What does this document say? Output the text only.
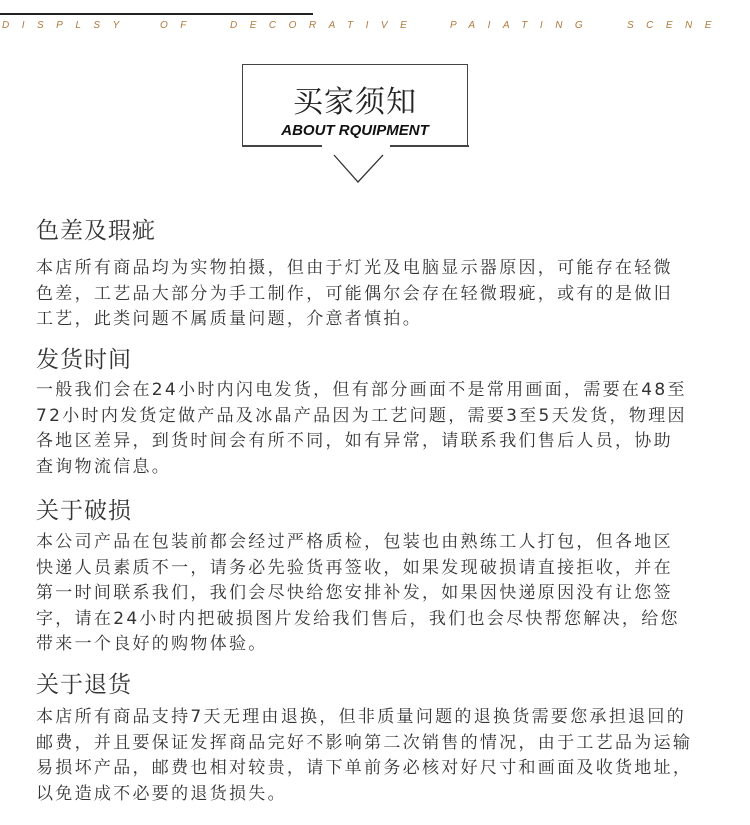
DISPLSY

	OF

	DECORATIVE

	PAIATING

	SCENE

买家须知
ABOUT RQUIPMENT
色差及瑕疵
本店所有商品均为实物拍摄，但由于灯光及电脑显示器原因，可能存在轻微
色差，工艺品大部分为手工制作，可能偶尔会存在轻微瑕疵，或有的是做旧
工艺，此类问题不属质量问题，介意者慎拍。
发货时间
一般我们会在24小时内闪电发货，但有部分画面不是常用画面，需要在48至
72小时内发货定做产品及冰晶产品因为工艺问题，需要3至5天发货，物理因
各地区差异，到货时间会有所不同，如有异常，请联系我们售后人员，协助
查询物流信息。
关于破损
本公司产品在包装前都会经过严格质检，包装也由熟练工人打包，但各地区
快递人员素质不一，请务必先验货再签收，如果发现破损请直接拒收，并在
第一时间联系我们，我们会尽快给您安排补发，如果因快递原因没有让您签
字，请在24小时内把破损图片发给我们售后，我们也会尽快帮您解决，给您
带来一个良好的购物体验。
关于退货
本店所有商品支持7天无理由退换，但非质量问题的退换货需要您承担退回的
邮费，并且要保证发挥商品完好不影响第二次销售的情况，由于工艺品为运输
易损坏产品，邮费也相对较贵，请下单前务必核对好尺寸和画面及收货地址，
以免造成不必要的退货损失。
